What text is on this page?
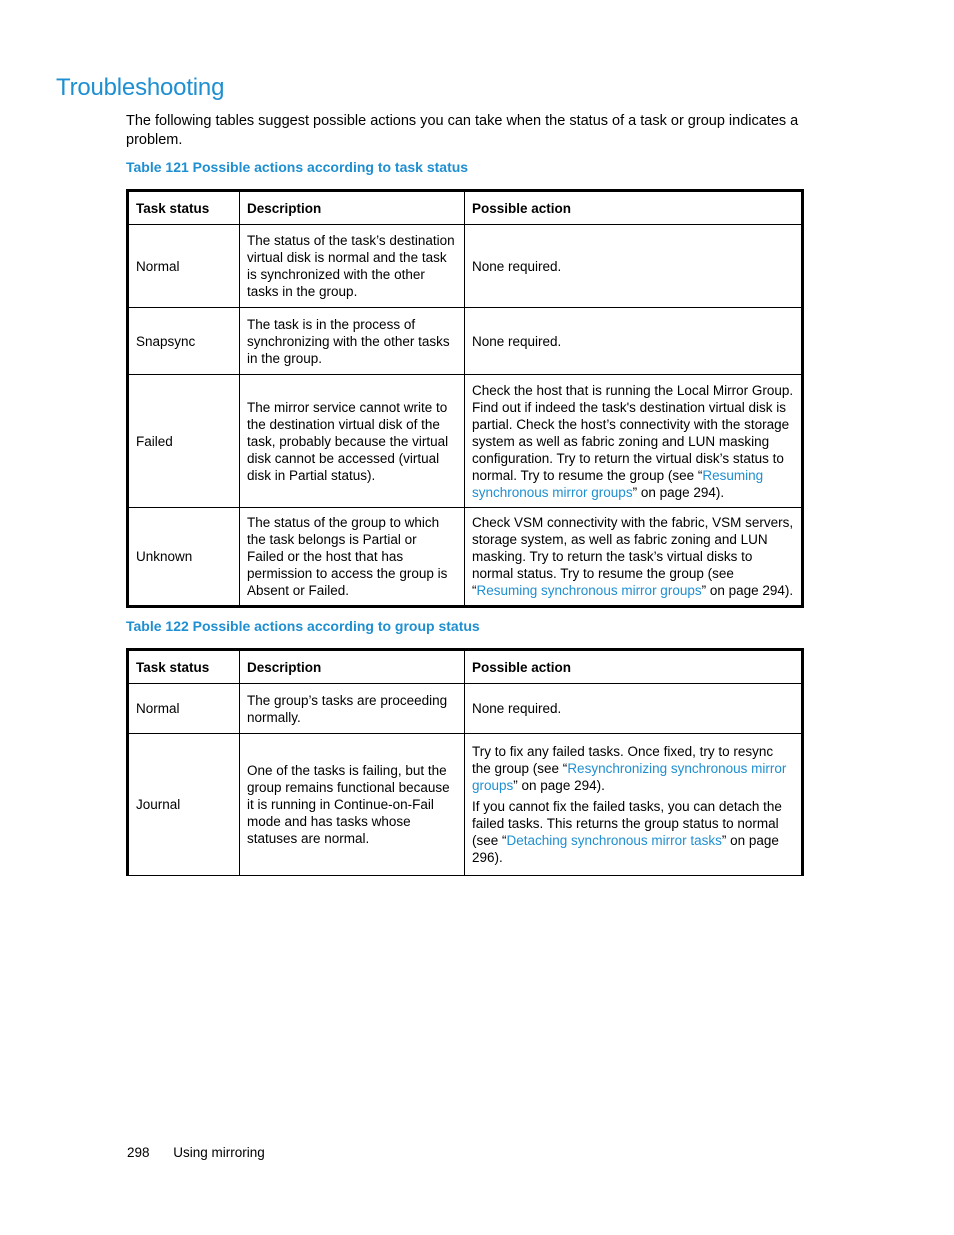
Troubleshooting

The following tables suggest possible actions you can take when the status of a task or group indicates a problem.

Table 121 Possible actions according to task status

Task status	Description	Possible action
Normal	The status of the task’s destination virtual disk is normal and the task is synchronized with the other tasks in the group.	None required.
Snapsync	The task is in the process of synchronizing with the other tasks in the group.	None required.
Failed	The mirror service cannot write to the destination virtual disk of the task, probably because the virtual disk cannot be accessed (virtual disk in Partial status).	Check the host that is running the Local Mirror Group. Find out if indeed the task's destination virtual disk is partial. Check the host’s connectivity with the storage system as well as fabric zoning and LUN masking configuration. Try to return the virtual disk’s status to normal. Try to resume the group (see “Resuming synchronous mirror groups” on page 294).
Unknown	The status of the group to which the task belongs is Partial or Failed or the host that has permission to access the group is Absent or Failed.	Check VSM connectivity with the fabric, VSM servers, storage system, as well as fabric zoning and LUN masking. Try to return the task’s virtual disks to normal status. Try to resume the group (see “Resuming synchronous mirror groups” on page 294).

Table 122 Possible actions according to group status

Task status	Description	Possible action
Normal	The group’s tasks are proceeding normally.	None required.
Journal	One of the tasks is failing, but the group remains functional because it is running in Continue-on-Fail mode and has tasks whose statuses are normal.	Try to fix any failed tasks. Once fixed, try to resync the group (see “Resynchronizing synchronous mirror groups” on page 294).

If you cannot fix the failed tasks, you can detach the failed tasks. This returns the group status to normal (see “Detaching synchronous mirror tasks” on page 296).

298 Using mirroring
